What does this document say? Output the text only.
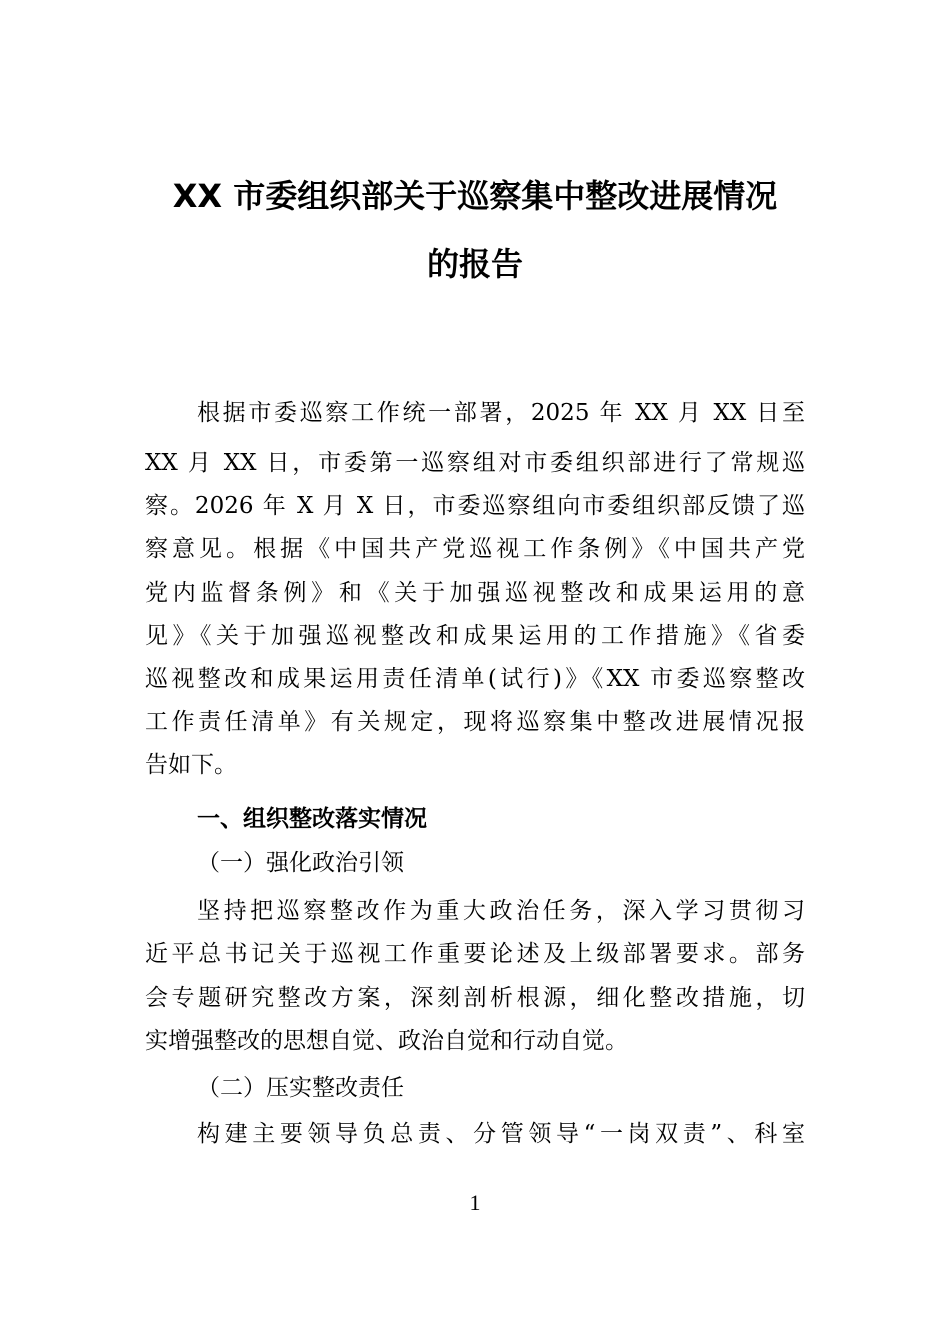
XX 市委组织部关于巡察集中整改进展情况
的报告
根据市委巡察工作统一部署，2025 年 XX 月 XX 日至
XX 月 XX 日，市委第一巡察组对市委组织部进行了常规巡
察。2026 年 X 月 X 日，市委巡察组向市委组织部反馈了巡
察意见。根据《中国共产党巡视工作条例》《中国共产党
党内监督条例》和《关于加强巡视整改和成果运用的意
见》《关于加强巡视整改和成果运用的工作措施》《省委
巡视整改和成果运用责任清单(试行)》《XX 市委巡察整改
工作责任清单》有关规定，现将巡察集中整改进展情况报
告如下。
一、组织整改落实情况
（一）强化政治引领
坚持把巡察整改作为重大政治任务，深入学习贯彻习
近平总书记关于巡视工作重要论述及上级部署要求。部务
会专题研究整改方案，深刻剖析根源，细化整改措施，切
实增强整改的思想自觉、政治自觉和行动自觉。
（二）压实整改责任
构建主要领导负总责、分管领导“一岗双责”、科室
1
